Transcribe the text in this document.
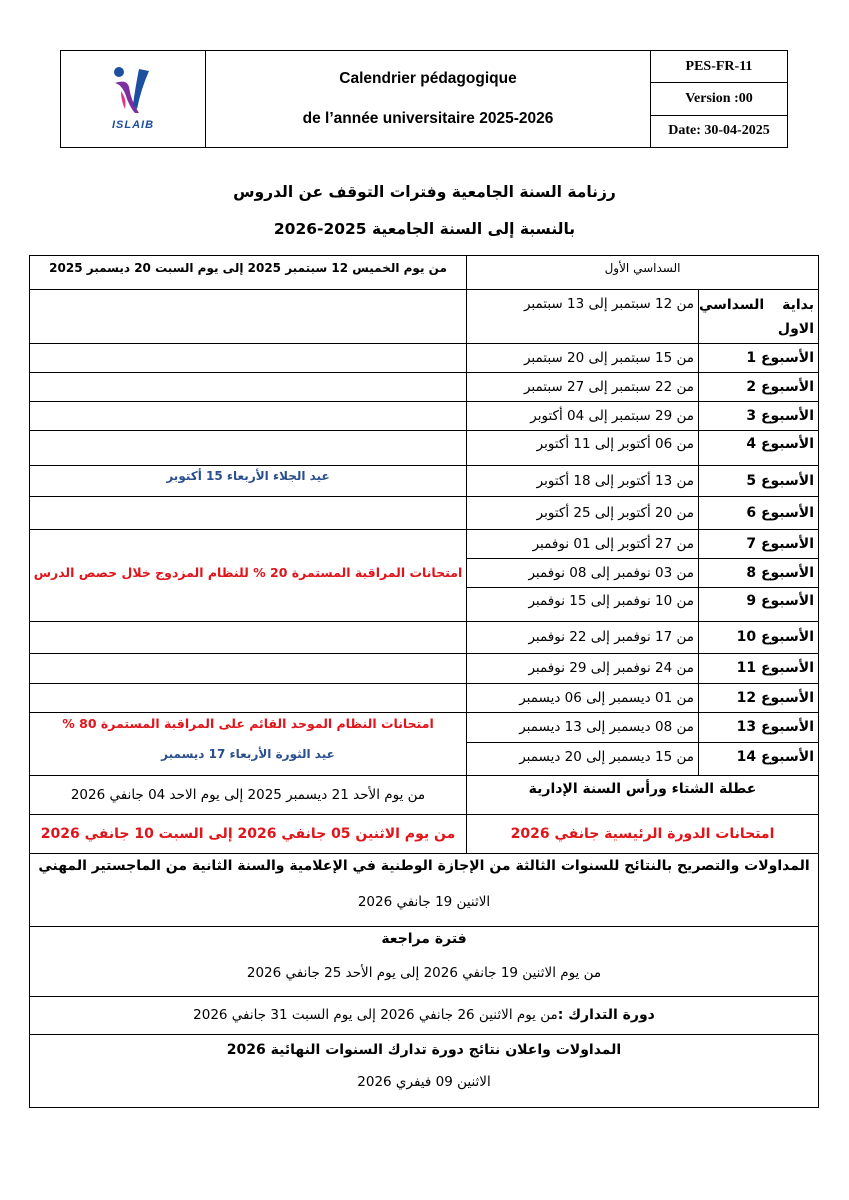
ISLAIB
Calendrier pédagogique
de l’année universitaire 2025-2026
PES-FR-11
Version :00
Date: 30-04-2025
رزنامة السنة الجامعية وفترات التوقف عن الدروس
بالنسبة إلى السنة الجامعية 2025-2026
السداسي الأول
من يوم الخميس 12 سبتمبر 2025 إلى يوم السبت 20 ديسمبر 2025
بداية السداسي الاول
من 12 سبتمبر إلى 13 سبتمبر
الأسبوع 1
من 15 سبتمبر إلى 20 سبتمبر
الأسبوع 2
من 22 سبتمبر إلى 27 سبتمبر
الأسبوع 3
من 29 سبتمبر إلى 04 أكتوبر
الأسبوع 4
من 06 أكتوبر إلى 11 أكتوبر
الأسبوع 5
من 13 أكتوبر إلى 18 أكتوبر
الأسبوع 6
من 20 أكتوبر إلى 25 أكتوبر
الأسبوع 7
من 27 أكتوبر إلى 01 نوفمبر
الأسبوع 8
من 03 نوفمبر إلى 08 نوفمبر
الأسبوع 9
من 10 نوفمبر إلى 15 نوفمبر
الأسبوع 10
من 17 نوفمبر إلى 22 نوفمبر
الأسبوع 11
من 24 نوفمبر إلى 29 نوفمبر
الأسبوع 12
من 01 ديسمبر إلى 06 ديسمبر
الأسبوع 13
من 08 ديسمبر إلى 13 ديسمبر
الأسبوع 14
من 15 ديسمبر إلى 20 ديسمبر
عيد الجلاء الأربعاء 15 أكتوبر
امتحانات المراقبة المستمرة 20 % للنظام المزدوج خلال حصص الدرس
امتحانات النظام الموحد القائم على المراقبة المستمرة 80 %
عيد الثورة الأربعاء 17 ديسمبر
عطلة الشتاء ورأس السنة الإدارية
من يوم الأحد 21 ديسمبر 2025 إلى يوم الاحد 04 جانفي 2026
امتحانات الدورة الرئيسية جانفي 2026
من يوم الاثنين 05 جانفي 2026 إلى السبت 10 جانفي 2026
المداولات والتصريح بالنتائج للسنوات الثالثة من الإجازة الوطنية في الإعلامية والسنة الثانية من الماجستير المهني
الاثنين 19 جانفي 2026
فترة مراجعة
من يوم الاثنين 19 جانفي 2026 إلى يوم الأحد 25 جانفي 2026
دورة التدارك :
من يوم الاثنين 26 جانفي 2026 إلى يوم السبت 31 جانفي 2026
المداولات واعلان نتائج دورة تدارك السنوات النهائية 2026
الاثنين 09 فيفري 2026
